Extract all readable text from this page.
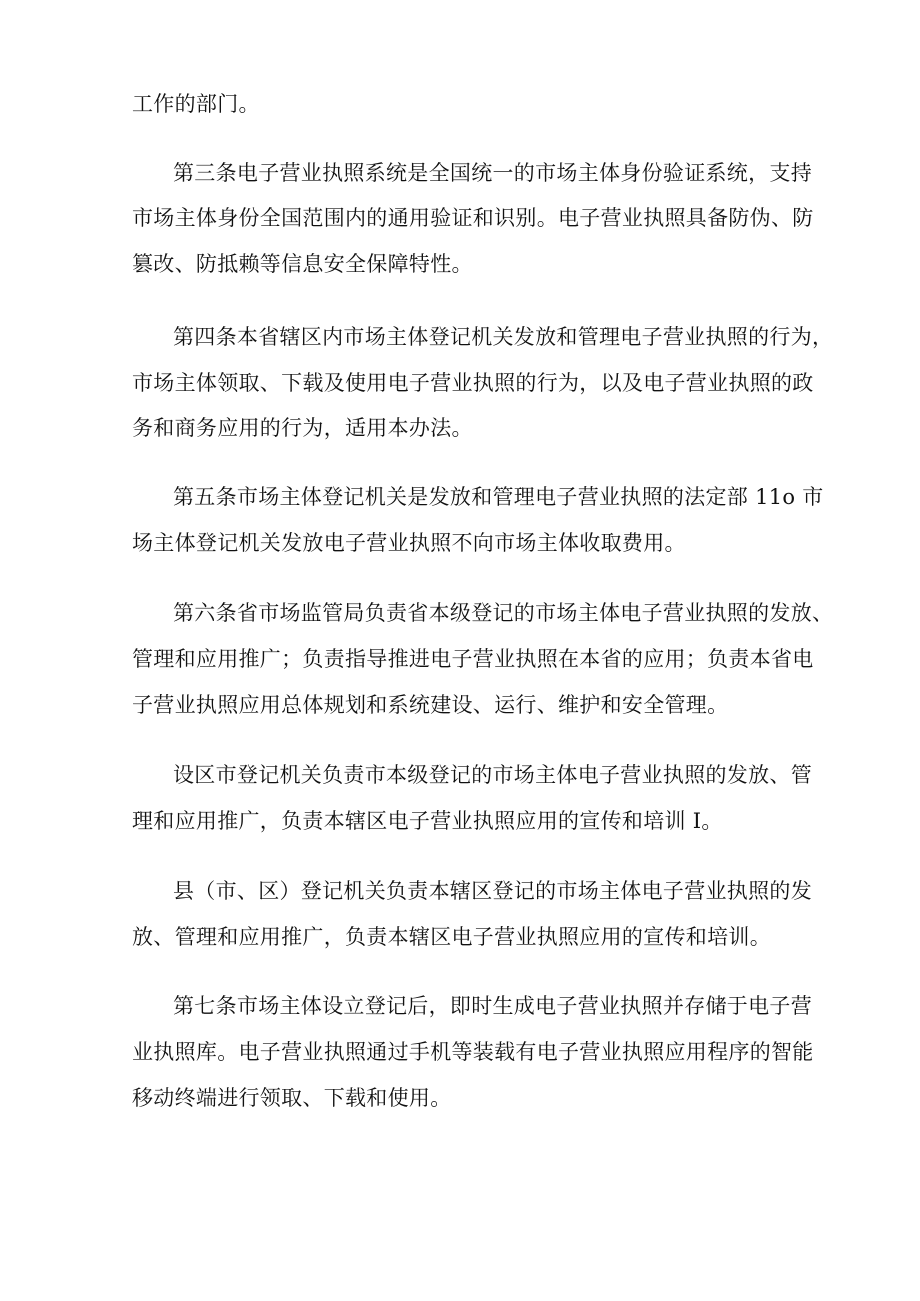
工作的部门。
第三条电子营业执照系统是全国统一的市场主体身份验证系统，支持
市场主体身份全国范围内的通用验证和识别。电子营业执照具备防伪、防
篡改、防抵赖等信息安全保障特性。
第四条本省辖区内市场主体登记机关发放和管理电子营业执照的行为，
市场主体领取、下载及使用电子营业执照的行为，以及电子营业执照的政
务和商务应用的行为，适用本办法。
第五条市场主体登记机关是发放和管理电子营业执照的法定部 11o 市
场主体登记机关发放电子营业执照不向市场主体收取费用。
第六条省市场监管局负责省本级登记的市场主体电子营业执照的发放、
管理和应用推广；负责指导推进电子营业执照在本省的应用；负责本省电
子营业执照应用总体规划和系统建设、运行、维护和安全管理。
设区市登记机关负责市本级登记的市场主体电子营业执照的发放、管
理和应用推广，负责本辖区电子营业执照应用的宣传和培训 I。
县（市、区）登记机关负责本辖区登记的市场主体电子营业执照的发
放、管理和应用推广，负责本辖区电子营业执照应用的宣传和培训。
第七条市场主体设立登记后，即时生成电子营业执照并存储于电子营
业执照库。电子营业执照通过手机等装载有电子营业执照应用程序的智能
移动终端进行领取、下载和使用。
